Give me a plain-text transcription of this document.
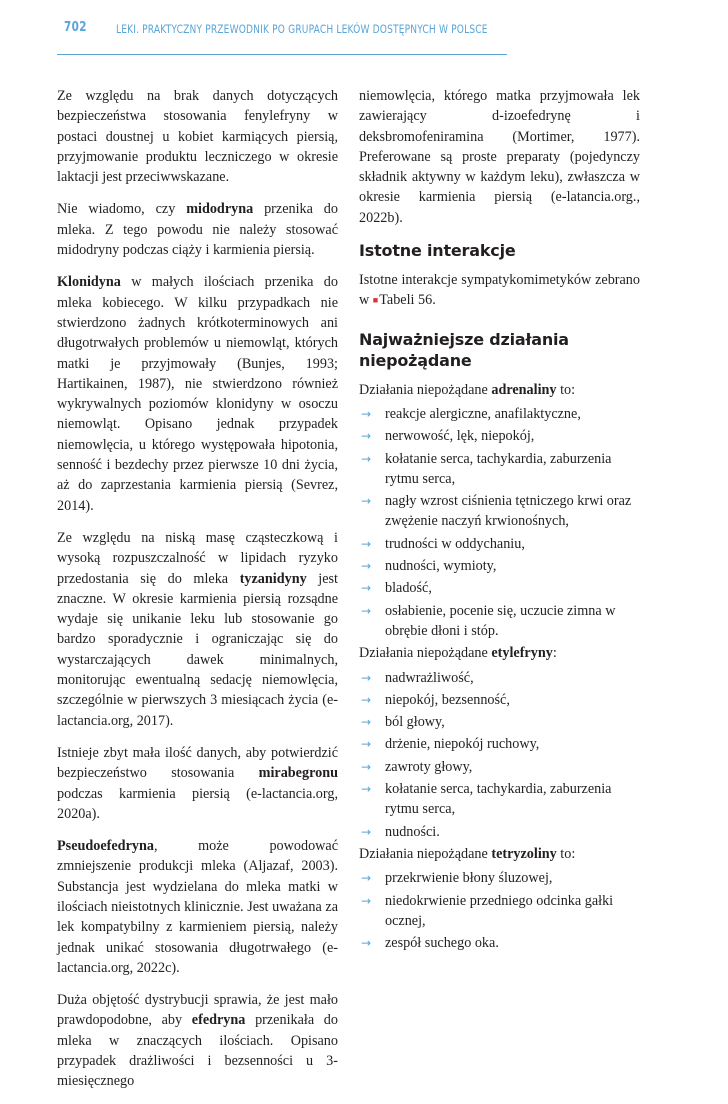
702	LEKI. PRAKTYCZNY PRZEWODNIK PO GRUPACH LEKÓW DOSTĘPNYCH W POLSCE

Ze względu na brak danych dotyczących bezpieczeństwa stosowania fenylefryny w postaci doustnej u kobiet karmiących piersią, przyjmowanie produktu leczniczego w okresie laktacji jest przeciwwskazane.

Nie wiadomo, czy midodryna przenika do mleka. Z tego powodu nie należy stosować midodryny podczas ciąży i karmienia piersią.

Klonidyna w małych ilościach przenika do mleka kobiecego. W kilku przypadkach nie stwierdzono żadnych krótkoterminowych ani długotrwałych problemów u niemowląt, których matki je przyjmowały (Bunjes, 1993; Hartikainen, 1987), nie stwierdzono również wykrywalnych poziomów klonidyny w osoczu niemowląt. Opisano jednak przypadek niemowlęcia, u którego występowała hipotonia, senność i bezdechy przez pierwsze 10 dni życia, aż do zaprzestania karmienia piersią (Sevrez, 2014).

Ze względu na niską masę cząsteczkową i wysoką rozpuszczalność w lipidach ryzyko przedostania się do mleka tyzanidyny jest znaczne. W okresie karmienia piersią rozsądne wydaje się unikanie leku lub stosowanie go bardzo sporadycznie i ograniczając się do wystarczających dawek minimalnych, monitorując ewentualną sedację niemowlęcia, szczególnie w pierwszych 3 miesiącach życia (e-lactancia.org, 2017).

Istnieje zbyt mała ilość danych, aby potwierdzić bezpieczeństwo stosowania mirabegronu podczas karmienia piersią (e-lactancia.org, 2020a).

Pseudoefedryna, może powodować zmniejszenie produkcji mleka (Aljazaf, 2003). Substancja jest wydzielana do mleka matki w ilościach nieistotnych klinicznie. Jest uważana za lek kompatybilny z karmieniem piersią, należy jednak unikać stosowania długotrwałego (e-lactancia.org, 2022c).

Duża objętość dystrybucji sprawia, że jest mało prawdopodobne, aby efedryna przenikała do mleka w znaczących ilościach. Opisano przypadek drażliwości i bezsenności u 3-miesięcznego

niemowlęcia, którego matka przyjmowała lek zawierający d-izoefedrynę i deksbromofeniramina (Mortimer, 1977). Preferowane są proste preparaty (pojedynczy składnik aktywny w każdym leku), zwłaszcza w okresie karmienia piersią (e-latancia.org., 2022b).

Istotne interakcje

Istotne interakcje sympatykomimetyków zebrano w ■Tabeli 56.

Najważniejsze działania niepożądane

Działania niepożądane adrenaliny to:

→ reakcje alergiczne, anafilaktyczne,
→ nerwowość, lęk, niepokój,
→ kołatanie serca, tachykardia, zaburzenia rytmu serca,
→ nagły wzrost ciśnienia tętniczego krwi oraz zwężenie naczyń krwionośnych,
→ trudności w oddychaniu,
→ nudności, wymioty,
→ bladość,
→ osłabienie, pocenie się, uczucie zimna w obrębie dłoni i stóp.

Działania niepożądane etylefryny:

→ nadwrażliwość,
→ niepokój, bezsenność,
→ ból głowy,
→ drżenie, niepokój ruchowy,
→ zawroty głowy,
→ kołatanie serca, tachykardia, zaburzenia rytmu serca,
→ nudności.

Działania niepożądane tetryzoliny to:

→ przekrwienie błony śluzowej,
→ niedokrwienie przedniego odcinka gałki ocznej,
→ zespół suchego oka.
